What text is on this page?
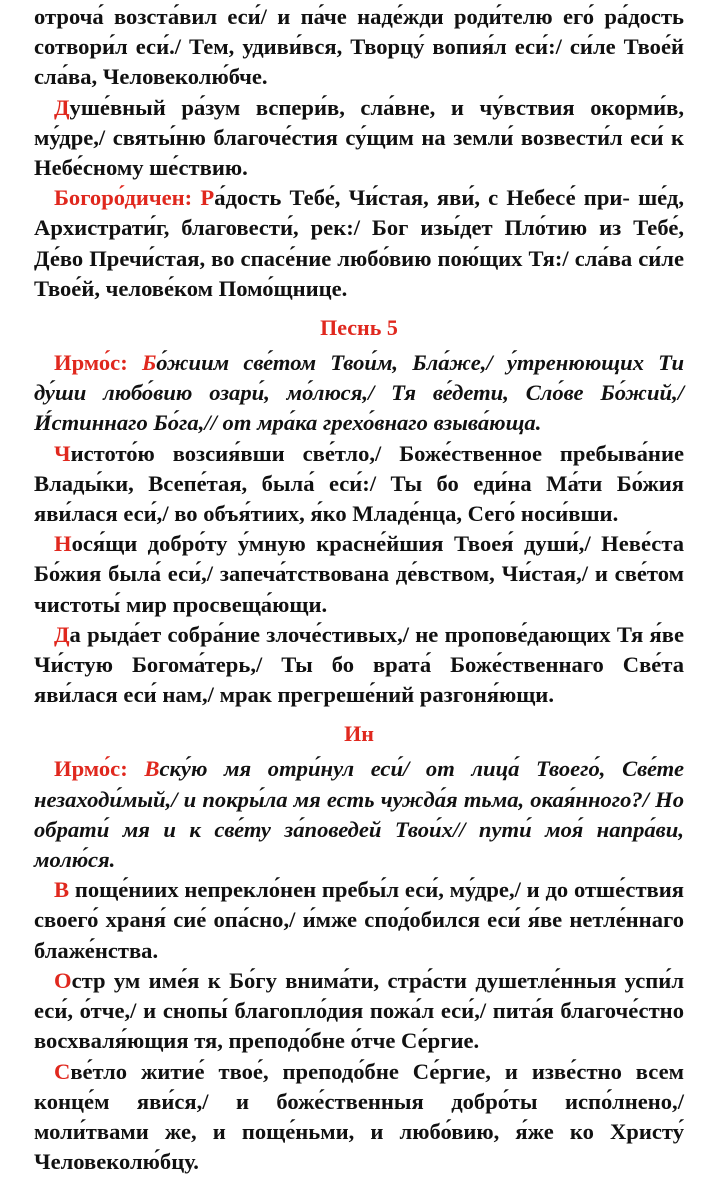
отроча́ возста́вил еси́/ и па́че наде́жди роди́телю его́ ра́дость сотвори́л еси́./ Тем, удиви́вся, Творцу́ вопия́л еси́:/ си́ле Твое́й сла́ва, Человеколю́бче.

Душе́вный ра́зум вспери́в, сла́вне, и чу́вствия окорми́в, му́дре,/ святы́ню благоче́стия су́щим на земли́ возвести́л еси́ к Небе́сному ше́ствию.

Богоро́дичен: Ра́дость Тебе́, Чи́стая, яви́, с Небесе́ при- ше́д, Архистрати́г, благовести́, рек:/ Бог изы́дет Пло́тию из Тебе́, Де́во Пречи́стая, во спасе́ние любо́вию пою́щих Тя:/ сла́ва си́ле Твое́й, челове́ком Помо́щнице.

Песнь 5

Ирмо́с: Бо́жиим све́том Твои́м, Бла́же,/ у́тренюющих Ти ду́ши любо́вию озари́, мо́люся,/ Тя ве́дети, Сло́ве Бо́жий,/ И́стиннаго Бо́га,// от мра́ка грехо́внаго взыва́юща.

Чистото́ю возсия́вши све́тло,/ Боже́ственное пребыва́ние Влады́ки, Всепе́тая, была́ еси́:/ Ты бо еди́на Ма́ти Бо́жия яви́лася еси́,/ во объя́тиих, я́ко Младе́нца, Сего́ носи́вши.

Нося́щи добро́ту у́мную красне́йшия Твоея́ души́,/ Неве́ста Бо́жия была́ еси́,/ запеча́тствована де́вством, Чи́стая,/ и све́том чистоты́ мир просвеща́ющи.

Да рыда́ет собра́ние злоче́стивых,/ не пропове́дающих Тя я́ве Чи́стую Богома́терь,/ Ты бо врата́ Боже́ственнаго Све́та яви́лася еси́ нам,/ мрак прегреше́ний разгоня́ющи.

Ин

Ирмо́с: Вску́ю мя отри́нул еси́/ от лица́ Твоего́, Све́те незаходи́мый,/ и покры́ла мя есть чужда́я тьма, окая́нного?/ Но обрати́ мя и к све́ту за́поведей Твои́х// пути́ моя́ напра́ви, молю́ся.

В поще́ниих непрекло́нен пребы́л еси́, му́дре,/ и до отше́ствия своего́ храня́ сие́ опа́сно,/ и́мже спод́обился еси́ я́ве нетле́ннаго блаже́нства.

Остр ум име́я к Бо́гу внима́ти, стра́сти душетле́нныя успи́л еси́, о́тче,/ и снопы́ благопло́дия пожа́л еси́,/ пита́я благоче́стно восхваля́ющия тя, преподо́бне о́тче Се́ргие.

Све́тло житие́ твое́, преподо́бне Се́ргие, и изве́стно всем конце́м яви́ся,/ и боже́ственныя добро́ты испо́лнено,/ моли́твами же, и поще́ньми, и любо́вию, я́же ко Христу́ Человеколю́бцу.
